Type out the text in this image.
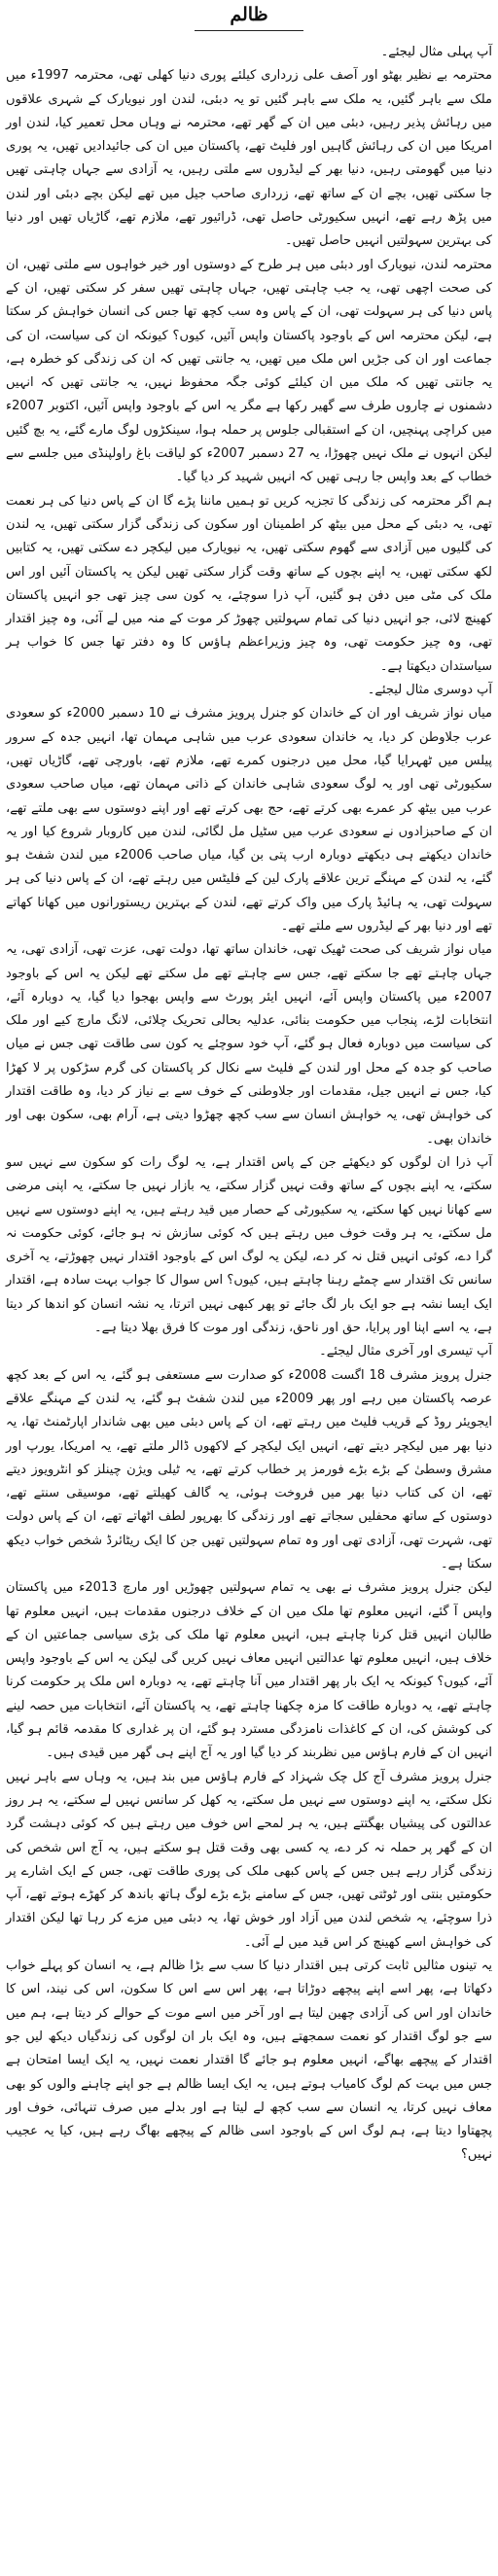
ظالم

آپ پہلی مثال لیجئے۔

محترمہ بے نظیر بھٹو اور آصف علی زرداری کیلئے پوری دنیا کھلی تھی، محترمہ 1997ء میں ملک سے باہر گئیں، یہ ملک سے باہر گئیں تو یہ دبئی، لندن اور نیویارک کے شہری علاقوں میں رہائش پذیر رہیں، دبئی میں ان کے گھر تھے، محترمہ نے وہاں محل تعمیر کیا، لندن اور امریکا میں ان کی رہائش گاہیں اور فلیٹ تھے، پاکستان میں ان کی جائیدادیں تھیں، یہ پوری دنیا میں گھومتی رہیں، دنیا بھر کے لیڈروں سے ملتی رہیں، یہ آزادی سے جہاں چاہتی تھیں جا سکتی تھیں، بچے ان کے ساتھ تھے، زرداری صاحب جیل میں تھے لیکن بچے دبئی اور لندن میں پڑھ رہے تھے، انہیں سکیورٹی حاصل تھی، ڈرائیور تھے، ملازم تھے، گاڑیاں تھیں اور دنیا کی بہترین سہولتیں انہیں حاصل تھیں۔

محترمہ لندن، نیویارک اور دبئی میں ہر طرح کے دوستوں اور خیر خواہوں سے ملتی تھیں، ان کی صحت اچھی تھی، یہ جب چاہتی تھیں، جہاں چاہتی تھیں سفر کر سکتی تھیں، ان کے پاس دنیا کی ہر سہولت تھی، ان کے پاس وہ سب کچھ تھا جس کی انسان خواہش کر سکتا ہے، لیکن محترمہ اس کے باوجود پاکستان واپس آئیں، کیوں؟ کیونکہ ان کی سیاست، ان کی جماعت اور ان کی جڑیں اس ملک میں تھیں، یہ جانتی تھیں کہ ان کی زندگی کو خطرہ ہے، یہ جانتی تھیں کہ ملک میں ان کیلئے کوئی جگہ محفوظ نہیں، یہ جانتی تھیں کہ انہیں دشمنوں نے چاروں طرف سے گھیر رکھا ہے مگر یہ اس کے باوجود واپس آئیں، اکتوبر 2007ء میں کراچی پہنچیں، ان کے استقبالی جلوس پر حملہ ہوا، سینکڑوں لوگ مارے گئے، یہ بچ گئیں لیکن انہوں نے ملک نہیں چھوڑا، یہ 27 دسمبر 2007ء کو لیاقت باغ راولپنڈی میں جلسے سے خطاب کے بعد واپس جا رہی تھیں کہ انہیں شہید کر دیا گیا۔

ہم اگر محترمہ کی زندگی کا تجزیہ کریں تو ہمیں ماننا پڑے گا ان کے پاس دنیا کی ہر نعمت تھی، یہ دبئی کے محل میں بیٹھ کر اطمینان اور سکون کی زندگی گزار سکتی تھیں، یہ لندن کی گلیوں میں آزادی سے گھوم سکتی تھیں، یہ نیویارک میں لیکچر دے سکتی تھیں، یہ کتابیں لکھ سکتی تھیں، یہ اپنے بچوں کے ساتھ وقت گزار سکتی تھیں لیکن یہ پاکستان آئیں اور اس ملک کی مٹی میں دفن ہو گئیں، آپ ذرا سوچئے، یہ کون سی چیز تھی جو انہیں پاکستان کھینچ لائی، جو انہیں دنیا کی تمام سہولتیں چھوڑ کر موت کے منہ میں لے آئی، وہ چیز اقتدار تھی، وہ چیز حکومت تھی، وہ چیز وزیراعظم ہاؤس کا وہ دفتر تھا جس کا خواب ہر سیاستدان دیکھتا ہے۔

آپ دوسری مثال لیجئے۔

میاں نواز شریف اور ان کے خاندان کو جنرل پرویز مشرف نے 10 دسمبر 2000ء کو سعودی عرب جلاوطن کر دیا، یہ خاندان سعودی عرب میں شاہی مہمان تھا، انہیں جدہ کے سرور پیلس میں ٹھہرایا گیا، محل میں درجنوں کمرے تھے، ملازم تھے، باورچی تھے، گاڑیاں تھیں، سکیورٹی تھی اور یہ لوگ سعودی شاہی خاندان کے ذاتی مہمان تھے، میاں صاحب سعودی عرب میں بیٹھ کر عمرے بھی کرتے تھے، حج بھی کرتے تھے اور اپنے دوستوں سے بھی ملتے تھے، ان کے صاحبزادوں نے سعودی عرب میں سٹیل مل لگائی، لندن میں کاروبار شروع کیا اور یہ خاندان دیکھتے ہی دیکھتے دوبارہ ارب پتی بن گیا، میاں صاحب 2006ء میں لندن شفٹ ہو گئے، یہ لندن کے مہنگے ترین علاقے پارک لین کے فلیٹس میں رہتے تھے، ان کے پاس دنیا کی ہر سہولت تھی، یہ ہائیڈ پارک میں واک کرتے تھے، لندن کے بہترین ریستورانوں میں کھانا کھاتے تھے اور دنیا بھر کے لیڈروں سے ملتے تھے۔

میاں نواز شریف کی صحت ٹھیک تھی، خاندان ساتھ تھا، دولت تھی، عزت تھی، آزادی تھی، یہ جہاں چاہتے تھے جا سکتے تھے، جس سے چاہتے تھے مل سکتے تھے لیکن یہ اس کے باوجود 2007ء میں پاکستان واپس آئے، انہیں ایئر پورٹ سے واپس بھجوا دیا گیا، یہ دوبارہ آئے، انتخابات لڑے، پنجاب میں حکومت بنائی، عدلیہ بحالی تحریک چلائی، لانگ مارچ کیے اور ملک کی سیاست میں دوبارہ فعال ہو گئے، آپ خود سوچئے یہ کون سی طاقت تھی جس نے میاں صاحب کو جدہ کے محل اور لندن کے فلیٹ سے نکال کر پاکستان کی گرم سڑکوں پر لا کھڑا کیا، جس نے انہیں جیل، مقدمات اور جلاوطنی کے خوف سے بے نیاز کر دیا، وہ طاقت اقتدار کی خواہش تھی، یہ خواہش انسان سے سب کچھ چھڑوا دیتی ہے، آرام بھی، سکون بھی اور خاندان بھی۔

آپ ذرا ان لوگوں کو دیکھئے جن کے پاس اقتدار ہے، یہ لوگ رات کو سکون سے نہیں سو سکتے، یہ اپنے بچوں کے ساتھ وقت نہیں گزار سکتے، یہ بازار نہیں جا سکتے، یہ اپنی مرضی سے کھانا نہیں کھا سکتے، یہ سکیورٹی کے حصار میں قید رہتے ہیں، یہ اپنے دوستوں سے نہیں مل سکتے، یہ ہر وقت خوف میں رہتے ہیں کہ کوئی سازش نہ ہو جائے، کوئی حکومت نہ گرا دے، کوئی انہیں قتل نہ کر دے، لیکن یہ لوگ اس کے باوجود اقتدار نہیں چھوڑتے، یہ آخری سانس تک اقتدار سے چمٹے رہنا چاہتے ہیں، کیوں؟ اس سوال کا جواب بہت سادہ ہے، اقتدار ایک ایسا نشہ ہے جو ایک بار لگ جائے تو پھر کبھی نہیں اترتا، یہ نشہ انسان کو اندھا کر دیتا ہے، یہ اسے اپنا اور پرایا، حق اور ناحق، زندگی اور موت کا فرق بھلا دیتا ہے۔

آپ تیسری اور آخری مثال لیجئے۔

جنرل پرویز مشرف 18 اگست 2008ء کو صدارت سے مستعفی ہو گئے، یہ اس کے بعد کچھ عرصہ پاکستان میں رہے اور پھر 2009ء میں لندن شفٹ ہو گئے، یہ لندن کے مہنگے علاقے ایجویئر روڈ کے قریب فلیٹ میں رہتے تھے، ان کے پاس دبئی میں بھی شاندار اپارٹمنٹ تھا، یہ دنیا بھر میں لیکچر دیتے تھے، انہیں ایک لیکچر کے لاکھوں ڈالر ملتے تھے، یہ امریکا، یورپ اور مشرق وسطیٰ کے بڑے بڑے فورمز پر خطاب کرتے تھے، یہ ٹیلی ویژن چینلز کو انٹرویوز دیتے تھے، ان کی کتاب دنیا بھر میں فروخت ہوئی، یہ گالف کھیلتے تھے، موسیقی سنتے تھے، دوستوں کے ساتھ محفلیں سجاتے تھے اور زندگی کا بھرپور لطف اٹھاتے تھے، ان کے پاس دولت تھی، شہرت تھی، آزادی تھی اور وہ تمام سہولتیں تھیں جن کا ایک ریٹائرڈ شخص خواب دیکھ سکتا ہے۔

لیکن جنرل پرویز مشرف نے بھی یہ تمام سہولتیں چھوڑیں اور مارچ 2013ء میں پاکستان واپس آ گئے، انہیں معلوم تھا ملک میں ان کے خلاف درجنوں مقدمات ہیں، انہیں معلوم تھا طالبان انہیں قتل کرنا چاہتے ہیں، انہیں معلوم تھا ملک کی بڑی سیاسی جماعتیں ان کے خلاف ہیں، انہیں معلوم تھا عدالتیں انہیں معاف نہیں کریں گی لیکن یہ اس کے باوجود واپس آئے، کیوں؟ کیونکہ یہ ایک بار پھر اقتدار میں آنا چاہتے تھے، یہ دوبارہ اس ملک پر حکومت کرنا چاہتے تھے، یہ دوبارہ طاقت کا مزہ چکھنا چاہتے تھے، یہ پاکستان آئے، انتخابات میں حصہ لینے کی کوشش کی، ان کے کاغذات نامزدگی مسترد ہو گئے، ان پر غداری کا مقدمہ قائم ہو گیا، انہیں ان کے فارم ہاؤس میں نظربند کر دیا گیا اور یہ آج اپنے ہی گھر میں قیدی ہیں۔

جنرل پرویز مشرف آج کل چک شہزاد کے فارم ہاؤس میں بند ہیں، یہ وہاں سے باہر نہیں نکل سکتے، یہ اپنے دوستوں سے نہیں مل سکتے، یہ کھل کر سانس نہیں لے سکتے، یہ ہر روز عدالتوں کی پیشیاں بھگتتے ہیں، یہ ہر لمحے اس خوف میں رہتے ہیں کہ کوئی دہشت گرد ان کے گھر پر حملہ نہ کر دے، یہ کسی بھی وقت قتل ہو سکتے ہیں، یہ آج اس شخص کی زندگی گزار رہے ہیں جس کے پاس کبھی ملک کی پوری طاقت تھی، جس کے ایک اشارے پر حکومتیں بنتی اور ٹوٹتی تھیں، جس کے سامنے بڑے بڑے لوگ ہاتھ باندھ کر کھڑے ہوتے تھے، آپ ذرا سوچئے، یہ شخص لندن میں آزاد اور خوش تھا، یہ دبئی میں مزے کر رہا تھا لیکن اقتدار کی خواہش اسے کھینچ کر اس قید میں لے آئی۔

یہ تینوں مثالیں ثابت کرتی ہیں اقتدار دنیا کا سب سے بڑا ظالم ہے، یہ انسان کو پہلے خواب دکھاتا ہے، پھر اسے اپنے پیچھے دوڑاتا ہے، پھر اس سے اس کا سکون، اس کی نیند، اس کا خاندان اور اس کی آزادی چھین لیتا ہے اور آخر میں اسے موت کے حوالے کر دیتا ہے، ہم میں سے جو لوگ اقتدار کو نعمت سمجھتے ہیں، وہ ایک بار ان لوگوں کی زندگیاں دیکھ لیں جو اقتدار کے پیچھے بھاگے، انہیں معلوم ہو جائے گا اقتدار نعمت نہیں، یہ ایک ایسا امتحان ہے جس میں بہت کم لوگ کامیاب ہوتے ہیں، یہ ایک ایسا ظالم ہے جو اپنے چاہنے والوں کو بھی معاف نہیں کرتا، یہ انسان سے سب کچھ لے لیتا ہے اور بدلے میں صرف تنہائی، خوف اور پچھتاوا دیتا ہے، ہم لوگ اس کے باوجود اسی ظالم کے پیچھے بھاگ رہے ہیں، کیا یہ عجیب نہیں؟
